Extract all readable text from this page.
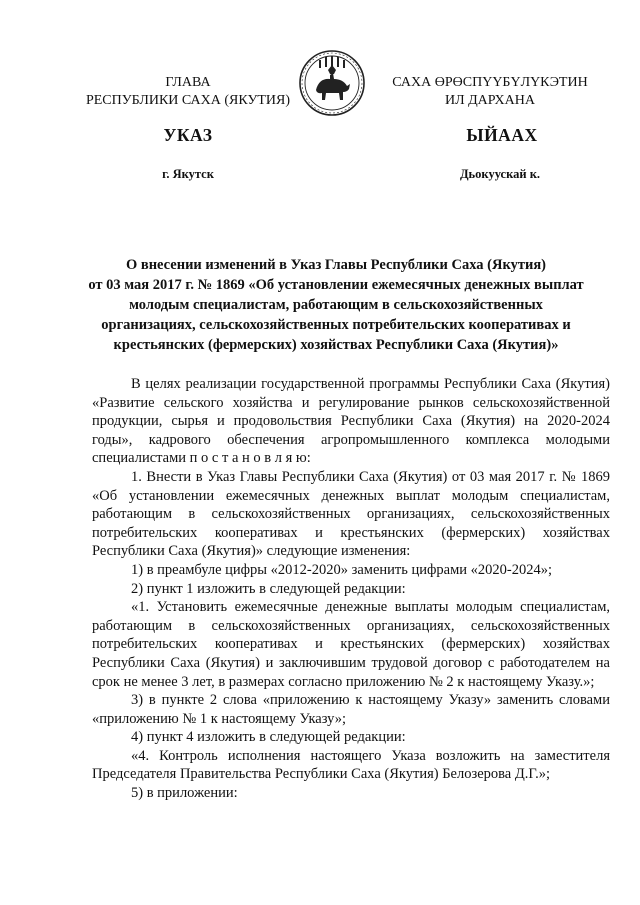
ГЛАВА
РЕСПУБЛИКИ САХА (ЯКУТИЯ)
САХА ӨРӨСПYYБYЛYКЭТИН
ИЛ ДАРХАНА
УКАЗ	ЫЙААХ
г. Якутск	Дьокуускай к.
О внесении изменений в Указ Главы Республики Саха (Якутия)
от 03 мая 2017 г. № 1869 «Об установлении ежемесячных денежных выплат
молодым специалистам, работающим в сельскохозяйственных
организациях, сельскохозяйственных потребительских кооперативах и
крестьянских (фермерских) хозяйствах Республики Саха (Якутия)»

В целях реализации государственной программы Республики Саха (Якутия) «Развитие сельского хозяйства и регулирование рынков сельскохозяйственной продукции, сырья и продовольствия Республики Саха (Якутия) на 2020-2024 годы», кадрового обеспечения агропромышленного комплекса молодыми специалистами п о с т а н о в л я ю:

1. Внести в Указ Главы Республики Саха (Якутия) от 03 мая 2017 г. № 1869 «Об установлении ежемесячных денежных выплат молодым специалистам, работающим в сельскохозяйственных организациях, сельскохозяйственных потребительских кооперативах и крестьянских (фермерских) хозяйствах Республики Саха (Якутия)» следующие изменения:

1) в преамбуле цифры «2012-2020» заменить цифрами «2020-2024»;

2) пункт 1 изложить в следующей редакции:

«1. Установить ежемесячные денежные выплаты молодым специалистам, работающим в сельскохозяйственных организациях, сельскохозяйственных потребительских кооперативах и крестьянских (фермерских) хозяйствах Республики Саха (Якутия) и заключившим трудовой договор с работодателем на срок не менее 3 лет, в размерах согласно приложению № 2 к настоящему Указу.»;

3) в пункте 2 слова «приложению к настоящему Указу» заменить словами «приложению № 1 к настоящему Указу»;

4) пункт 4 изложить в следующей редакции:

«4. Контроль исполнения настоящего Указа возложить на заместителя Председателя Правительства Республики Саха (Якутия) Белозерова Д.Г.»;

5) в приложении:
